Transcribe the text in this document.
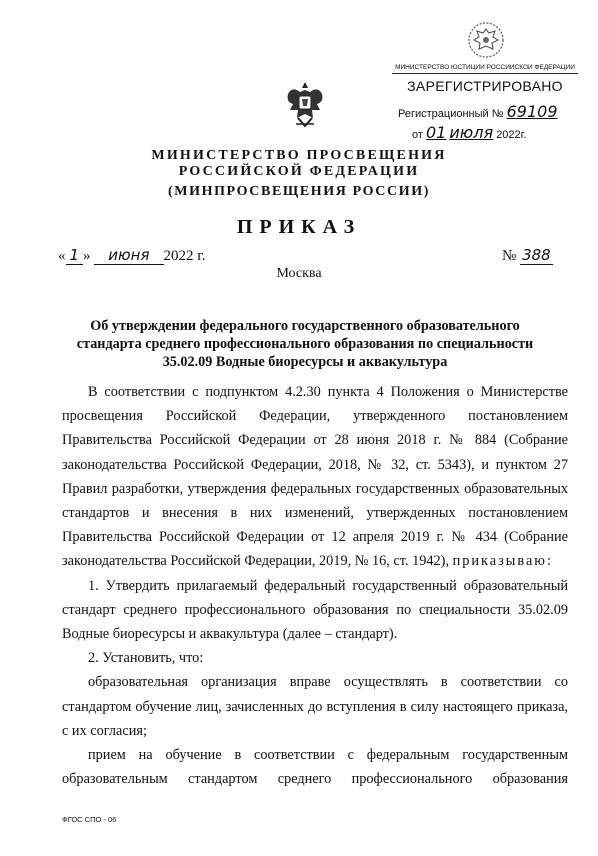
МИНИСТЕРСТВО ЮСТИЦИИ РОССИЙСКОЙ ФЕДЕРАЦИИ
ЗАРЕГИСТРИРОВАНО
Регистрационный № 69109
от 01 июля 2022г.
МИНИСТЕРСТВО ПРОСВЕЩЕНИЯ
РОССИЙСКОЙ ФЕДЕРАЦИИ
(МИНПРОСВЕЩЕНИЯ РОССИИ)
ПРИКАЗ
« 1 » июня 2022 г.	№ 388
Москва
Об утверждении федерального государственного образовательного
стандарта среднего профессионального образования по специальности
35.02.09 Водные биоресурсы и аквакультура

В соответствии с подпунктом 4.2.30 пункта 4 Положения о Министерстве просвещения Российской Федерации, утвержденного постановлением Правительства Российской Федерации от 28 июня 2018 г. № 884 (Собрание законодательства Российской Федерации, 2018, № 32, ст. 5343), и пунктом 27 Правил разработки, утверждения федеральных государственных образовательных стандартов и внесения в них изменений, утвержденных постановлением Правительства Российской Федерации от 12 апреля 2019 г. № 434 (Собрание законодательства Российской Федерации, 2019, № 16, ст. 1942), приказываю:

1. Утвердить прилагаемый федеральный государственный образовательный стандарт среднего профессионального образования по специальности 35.02.09 Водные биоресурсы и аквакультура (далее – стандарт).

2. Установить, что:

образовательная организация вправе осуществлять в соответствии со стандартом обучение лиц, зачисленных до вступления в силу настоящего приказа, с их согласия;

прием на обучение в соответствии с федеральным государственным образовательным стандартом среднего профессионального образования

ФГОС СПО - 06
